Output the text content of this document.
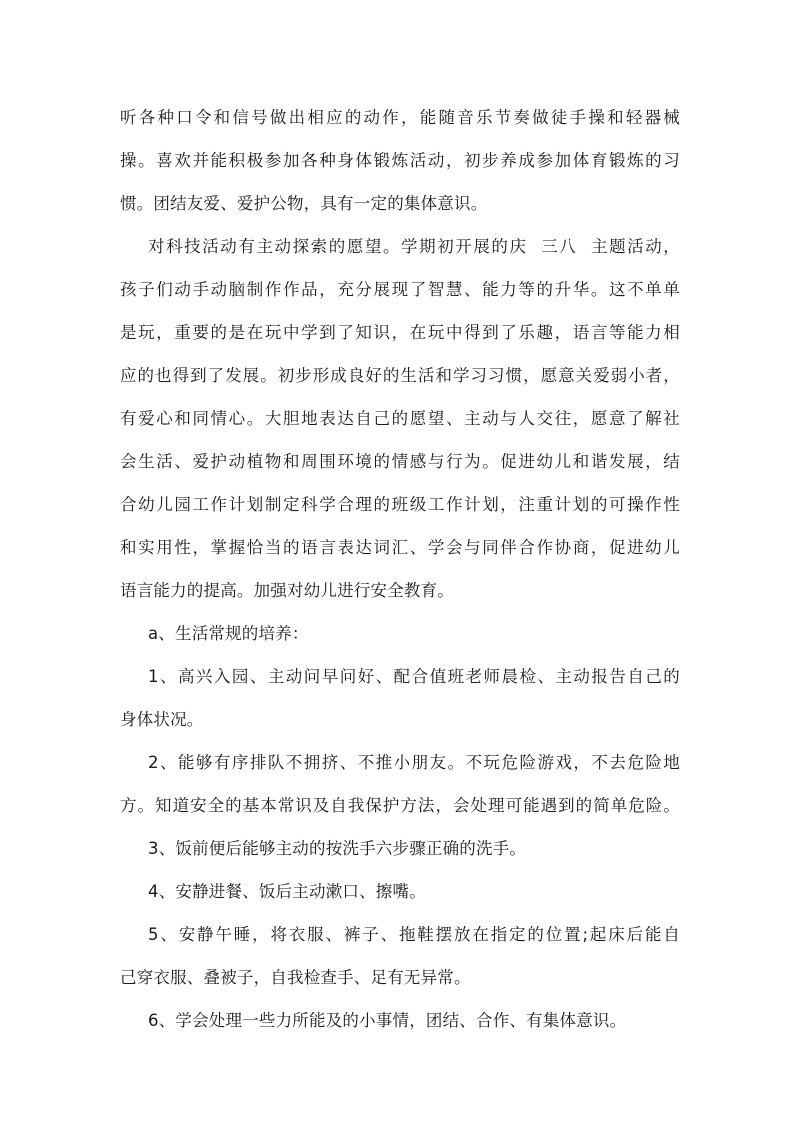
听各种口令和信号做出相应的动作，能随音乐节奏做徒手操和轻器械
操。喜欢并能积极参加各种身体锻炼活动，初步养成参加体育锻炼的习
惯。团结友爱、爱护公物，具有一定的集体意识。
对科技活动有主动探索的愿望。学期初开展的庆  三八  主题活动，
孩子们动手动脑制作作品，充分展现了智慧、能力等的升华。这不单单
是玩，重要的是在玩中学到了知识，在玩中得到了乐趣，语言等能力相
应的也得到了发展。初步形成良好的生活和学习习惯，愿意关爱弱小者，
有爱心和同情心。大胆地表达自己的愿望、主动与人交往，愿意了解社
会生活、爱护动植物和周围环境的情感与行为。促进幼儿和谐发展，结
合幼儿园工作计划制定科学合理的班级工作计划，注重计划的可操作性
和实用性，掌握恰当的语言表达词汇、学会与同伴合作协商，促进幼儿
语言能力的提高。加强对幼儿进行安全教育。
a、生活常规的培养：
1、高兴入园、主动问早问好、配合值班老师晨检、主动报告自己的
身体状况。
2、能够有序排队不拥挤、不推小朋友。不玩危险游戏，不去危险地
方。知道安全的基本常识及自我保护方法，会处理可能遇到的简单危险。
3、饭前便后能够主动的按洗手六步骤正确的洗手。
4、安静进餐、饭后主动漱口、擦嘴。
5、安静午睡，将衣服、裤子、拖鞋摆放在指定的位置;起床后能自
己穿衣服、叠被子，自我检查手、足有无异常。
6、学会处理一些力所能及的小事情，团结、合作、有集体意识。
